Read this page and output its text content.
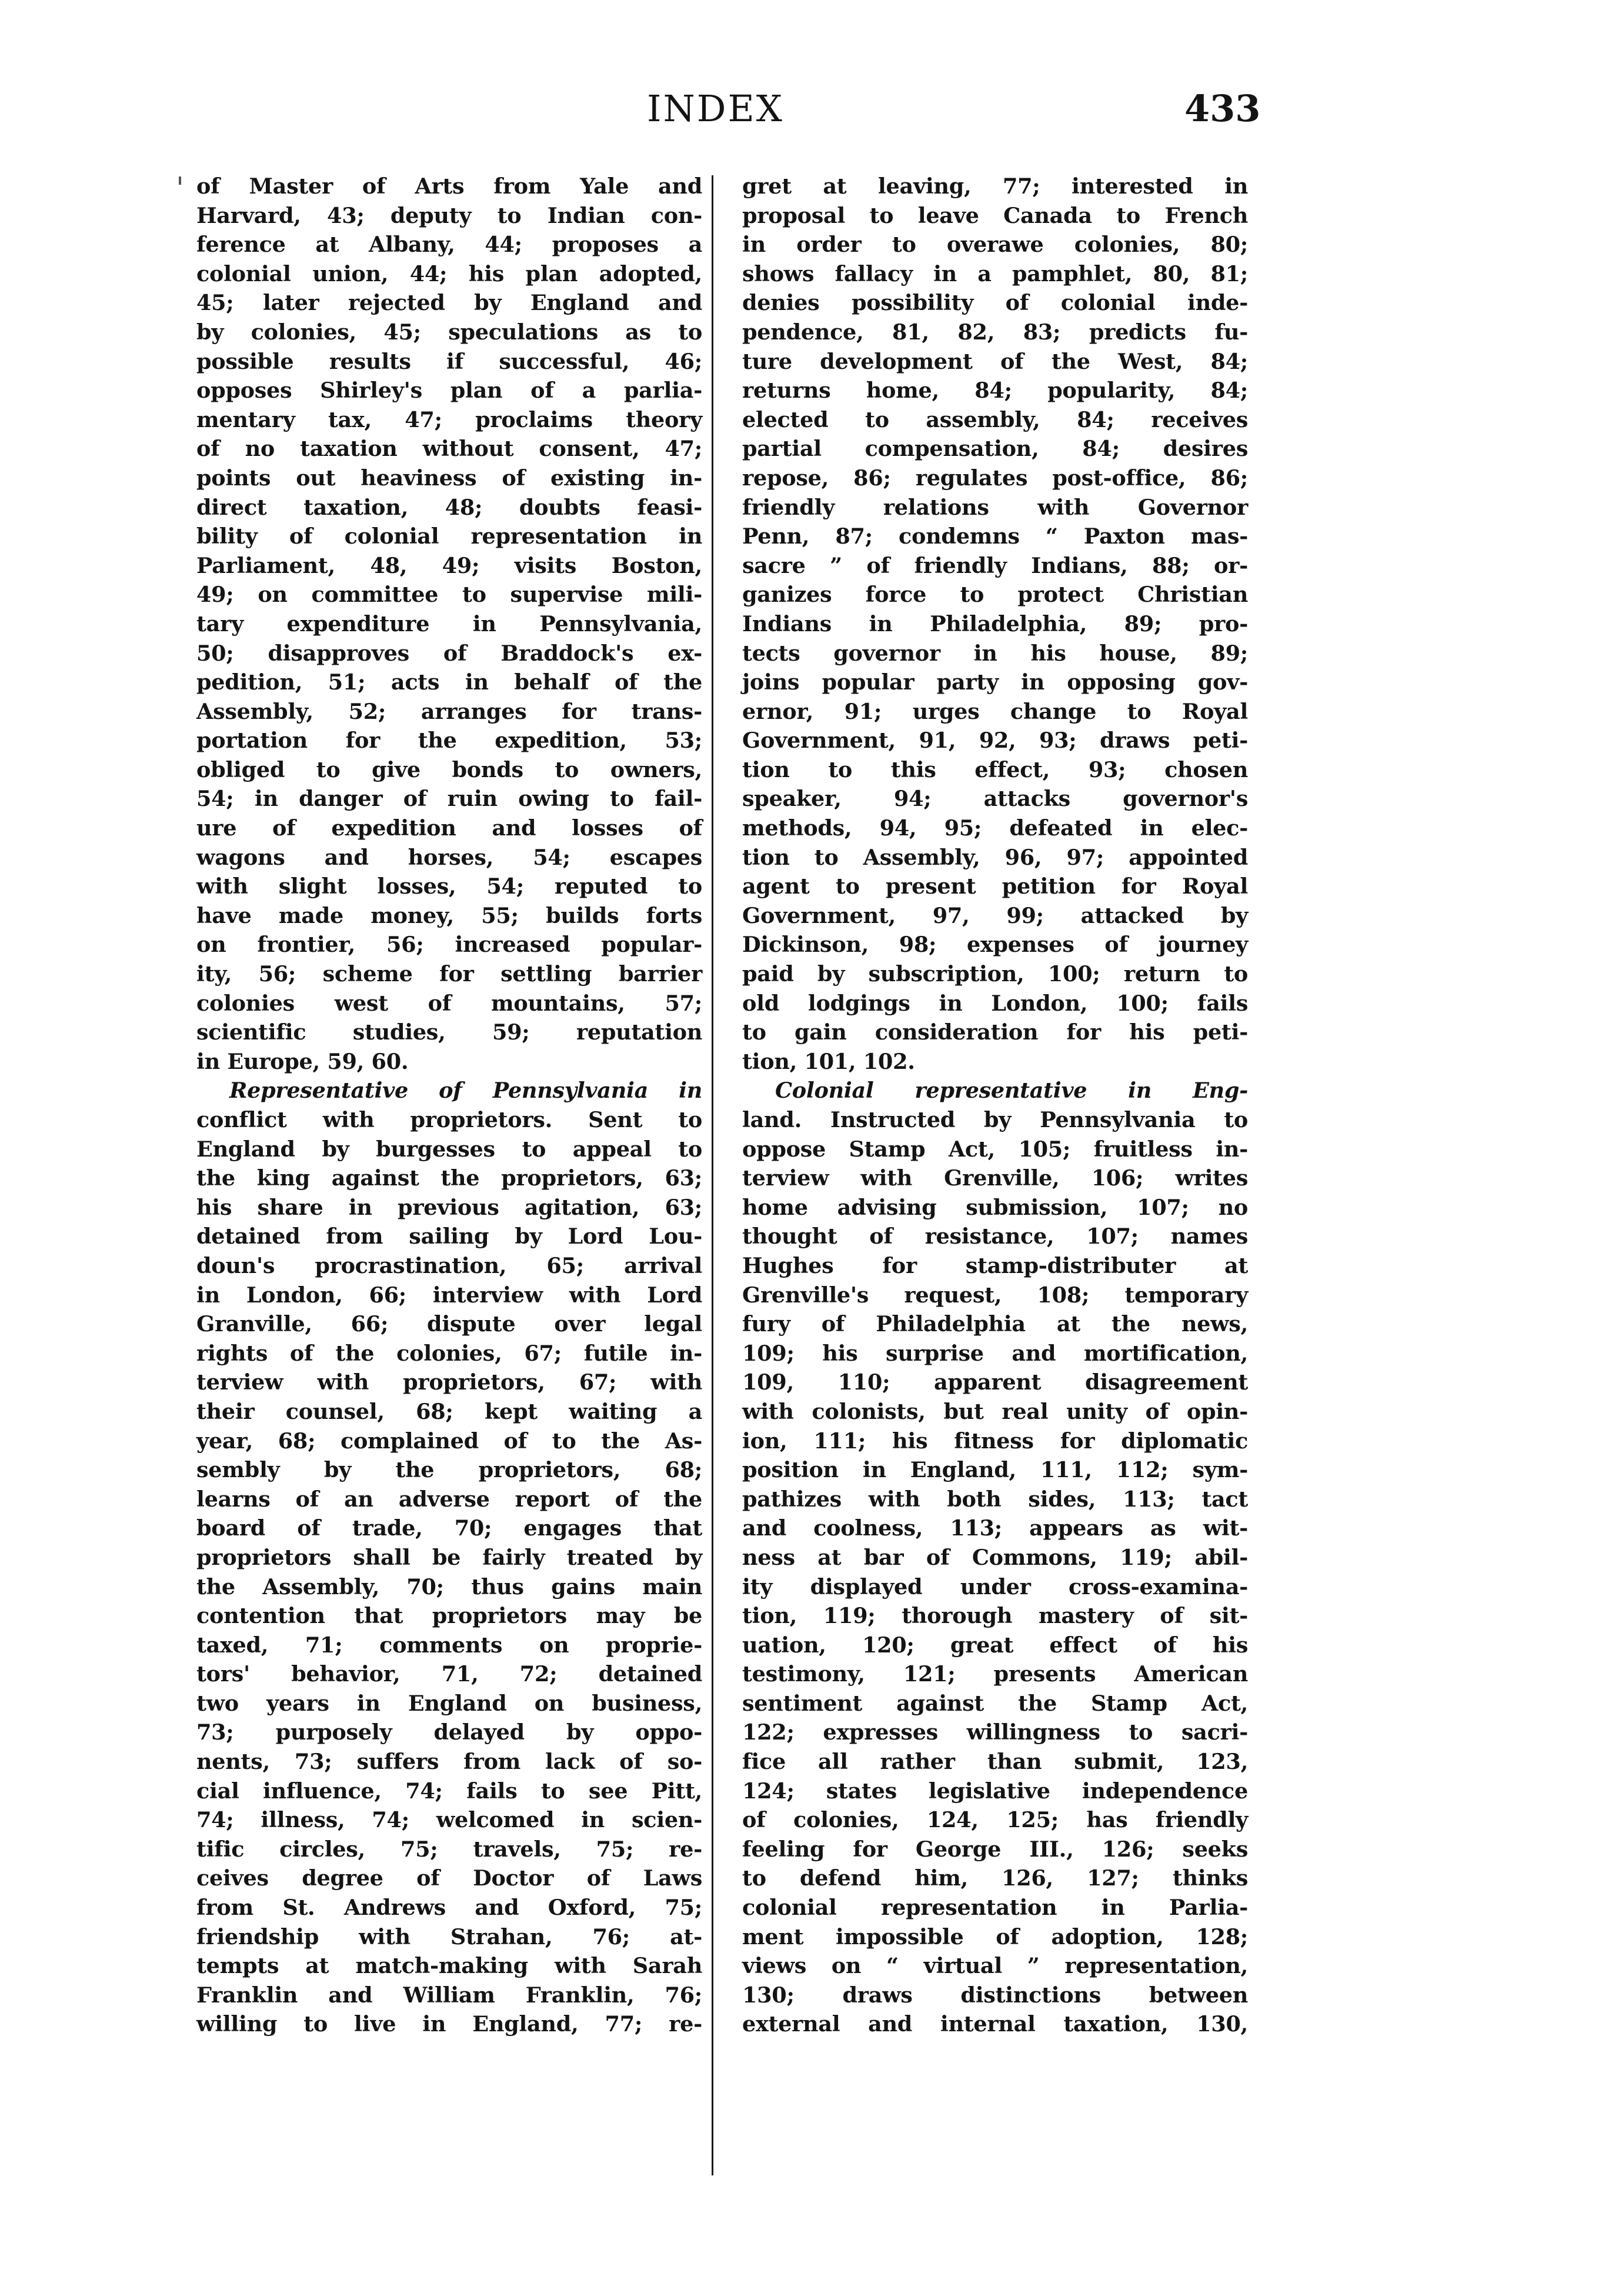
INDEX	433
of Master of Arts from Yale and
Harvard, 43; deputy to Indian con-
ference at Albany, 44; proposes a
colonial union, 44; his plan adopted,
45; later rejected by England and
by colonies, 45; speculations as to
possible results if successful, 46;
opposes Shirley's plan of a parlia-
mentary tax, 47; proclaims theory
of no taxation without consent, 47;
points out heaviness of existing in-
direct taxation, 48; doubts feasi-
bility of colonial representation in
Parliament, 48, 49; visits Boston,
49; on committee to supervise mili-
tary expenditure in Pennsylvania,
50; disapproves of Braddock's ex-
pedition, 51; acts in behalf of the
Assembly, 52; arranges for trans-
portation for the expedition, 53;
obliged to give bonds to owners,
54; in danger of ruin owing to fail-
ure of expedition and losses of
wagons and horses, 54; escapes
with slight losses, 54; reputed to
have made money, 55; builds forts
on frontier, 56; increased popular-
ity, 56; scheme for settling barrier
colonies west of mountains, 57;
scientific studies, 59; reputation
in Europe, 59, 60.
Representative of Pennsylvania in
conflict with proprietors. Sent to
England by burgesses to appeal to
the king against the proprietors, 63;
his share in previous agitation, 63;
detained from sailing by Lord Lou-
doun's procrastination, 65; arrival
in London, 66; interview with Lord
Granville, 66; dispute over legal
rights of the colonies, 67; futile in-
terview with proprietors, 67; with
their counsel, 68; kept waiting a
year, 68; complained of to the As-
sembly by the proprietors, 68;
learns of an adverse report of the
board of trade, 70; engages that
proprietors shall be fairly treated by
the Assembly, 70; thus gains main
contention that proprietors may be
taxed, 71; comments on proprie-
tors' behavior, 71, 72; detained
two years in England on business,
73; purposely delayed by oppo-
nents, 73; suffers from lack of so-
cial influence, 74; fails to see Pitt,
74; illness, 74; welcomed in scien-
tific circles, 75; travels, 75; re-
ceives degree of Doctor of Laws
from St. Andrews and Oxford, 75;
friendship with Strahan, 76; at-
tempts at match-making with Sarah
Franklin and William Franklin, 76;
willing to live in England, 77; re-
gret at leaving, 77; interested in
proposal to leave Canada to French
in order to overawe colonies, 80;
shows fallacy in a pamphlet, 80, 81;
denies possibility of colonial inde-
pendence, 81, 82, 83; predicts fu-
ture development of the West, 84;
returns home, 84; popularity, 84;
elected to assembly, 84; receives
partial compensation, 84; desires
repose, 86; regulates post-office, 86;
friendly relations with Governor
Penn, 87; condemns “ Paxton mas-
sacre ” of friendly Indians, 88; or-
ganizes force to protect Christian
Indians in Philadelphia, 89; pro-
tects governor in his house, 89;
joins popular party in opposing gov-
ernor, 91; urges change to Royal
Government, 91, 92, 93; draws peti-
tion to this effect, 93; chosen
speaker, 94; attacks governor's
methods, 94, 95; defeated in elec-
tion to Assembly, 96, 97; appointed
agent to present petition for Royal
Government, 97, 99; attacked by
Dickinson, 98; expenses of journey
paid by subscription, 100; return to
old lodgings in London, 100; fails
to gain consideration for his peti-
tion, 101, 102.
Colonial representative in Eng-
land. Instructed by Pennsylvania to
oppose Stamp Act, 105; fruitless in-
terview with Grenville, 106; writes
home advising submission, 107; no
thought of resistance, 107; names
Hughes for stamp-distributer at
Grenville's request, 108; temporary
fury of Philadelphia at the news,
109; his surprise and mortification,
109, 110; apparent disagreement
with colonists, but real unity of opin-
ion, 111; his fitness for diplomatic
position in England, 111, 112; sym-
pathizes with both sides, 113; tact
and coolness, 113; appears as wit-
ness at bar of Commons, 119; abil-
ity displayed under cross-examina-
tion, 119; thorough mastery of sit-
uation, 120; great effect of his
testimony, 121; presents American
sentiment against the Stamp Act,
122; expresses willingness to sacri-
fice all rather than submit, 123,
124; states legislative independence
of colonies, 124, 125; has friendly
feeling for George III., 126; seeks
to defend him, 126, 127; thinks
colonial representation in Parlia-
ment impossible of adoption, 128;
views on “ virtual ” representation,
130; draws distinctions between
external and internal taxation, 130,
